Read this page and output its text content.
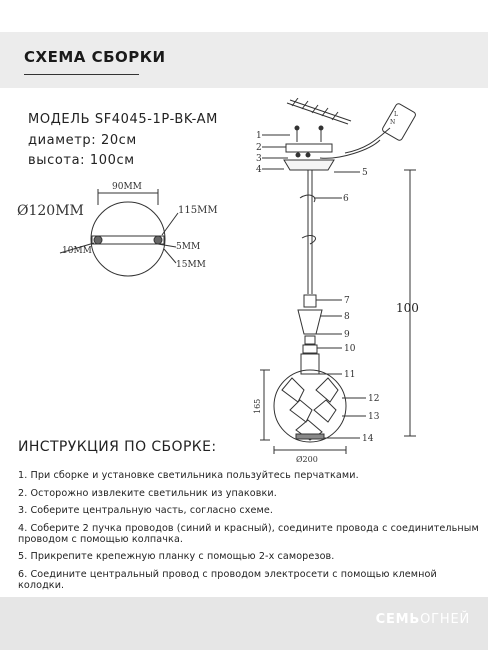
СХЕМА СБОРКИ
МОДЕЛЬ SF4045-1P-BK-AM
диаметр: 20см
высота: 100см
90MM
Ø120MM	115MM
10MM	5MM
15MM
1
2
3
4	5
6
7
8
9
10
11
12
13
14
L
N
100
165
Ø200
ИНСТРУКЦИЯ ПО СБОРКЕ:
1. При сборке и установке светильника пользуйтесь перчатками.
2. Осторожно извлеките светильник из упаковки.
3. Соберите центральную часть, согласно схеме.
4. Соберите 2 пучка проводов (синий и красный), соедините провода с соединительным проводом с помощью колпачка.
5. Прикрепите крепежную планку с помощью 2-х саморезов.
6. Соедините центральный провод с проводом электросети с помощью клемной колодки.
СЕМЬОГНЕЙ
